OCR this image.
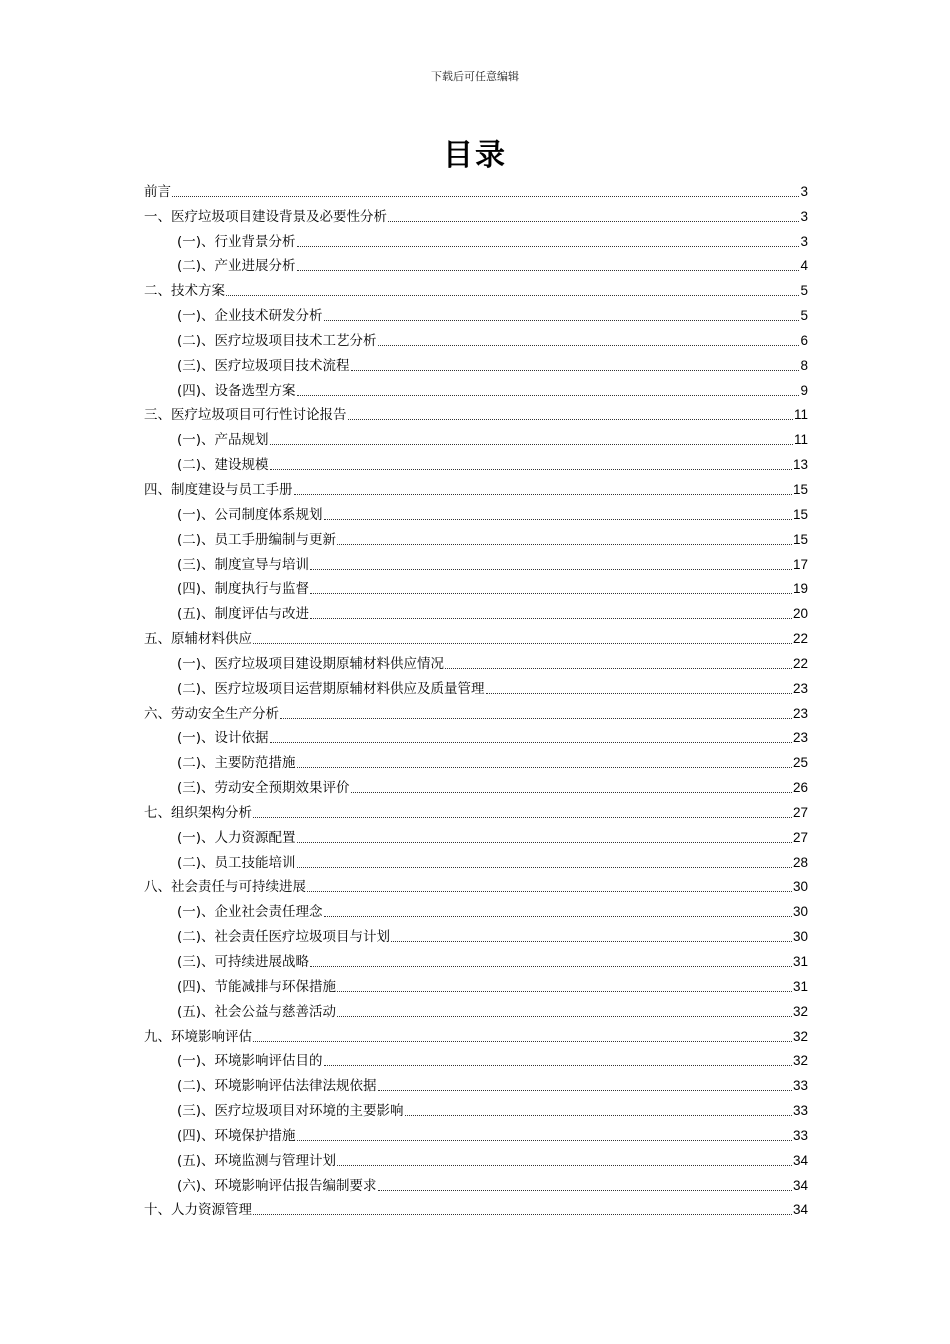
下载后可任意编辑
目录
前言	3
一、医疗垃圾项目建设背景及必要性分析	3
(一)、行业背景分析	3
(二)、产业进展分析	4
二、技术方案	5
(一)、企业技术研发分析	5
(二)、医疗垃圾项目技术工艺分析	6
(三)、医疗垃圾项目技术流程	8
(四)、设备选型方案	9
三、医疗垃圾项目可行性讨论报告	11
(一)、产品规划	11
(二)、建设规模	13
四、制度建设与员工手册	15
(一)、公司制度体系规划	15
(二)、员工手册编制与更新	15
(三)、制度宣导与培训	17
(四)、制度执行与监督	19
(五)、制度评估与改进	20
五、原辅材料供应	22
(一)、医疗垃圾项目建设期原辅材料供应情况	22
(二)、医疗垃圾项目运营期原辅材料供应及质量管理	23
六、劳动安全生产分析	23
(一)、设计依据	23
(二)、主要防范措施	25
(三)、劳动安全预期效果评价	26
七、组织架构分析	27
(一)、人力资源配置	27
(二)、员工技能培训	28
八、社会责任与可持续进展	30
(一)、企业社会责任理念	30
(二)、社会责任医疗垃圾项目与计划	30
(三)、可持续进展战略	31
(四)、节能减排与环保措施	31
(五)、社会公益与慈善活动	32
九、环境影响评估	32
(一)、环境影响评估目的	32
(二)、环境影响评估法律法规依据	33
(三)、医疗垃圾项目对环境的主要影响	33
(四)、环境保护措施	33
(五)、环境监测与管理计划	34
(六)、环境影响评估报告编制要求	34
十、人力资源管理	34
